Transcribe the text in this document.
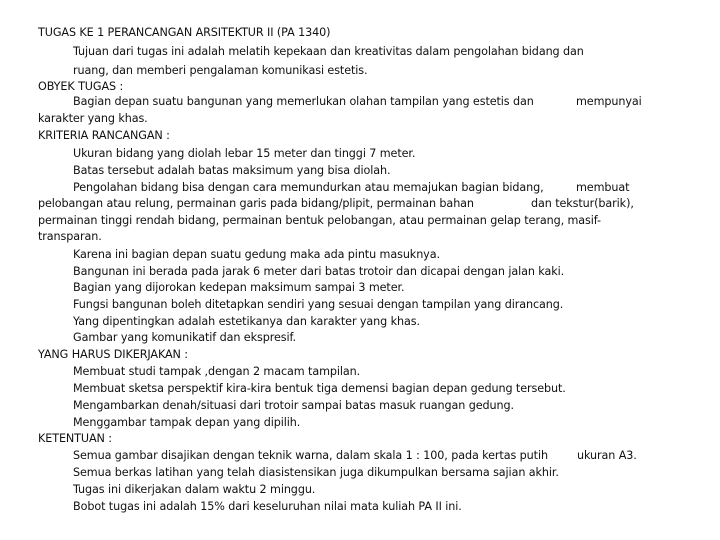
TUGAS KE 1 PERANCANGAN ARSITEKTUR II (PA 1340)
Tujuan dari tugas ini adalah melatih kepekaan dan kreativitas dalam pengolahan bidang dan
ruang, dan memberi pengalaman komunikasi estetis.
OBYEK TUGAS :
Bagian depan suatu bangunan yang memerlukan olahan tampilan yang estetis dan	mempunyai
karakter yang khas.
KRITERIA RANCANGAN :
Ukuran bidang yang diolah lebar 15 meter dan tinggi 7 meter.
Batas tersebut adalah batas maksimum yang bisa diolah.
Pengolahan bidang bisa dengan cara memundurkan atau memajukan bagian bidang,	membuat
pelobangan atau relung, permainan garis pada bidang/plipit, permainan bahan	dan tekstur(barik),
permainan tinggi rendah bidang, permainan bentuk pelobangan, atau permainan gelap terang, masif-
transparan.
Karena ini bagian depan suatu gedung maka ada pintu masuknya.
Bangunan ini berada pada jarak 6 meter dari batas trotoir dan dicapai dengan jalan kaki.
Bagian yang dijorokan kedepan maksimum sampai 3 meter.
Fungsi bangunan boleh ditetapkan sendiri yang sesuai dengan tampilan yang dirancang.
Yang dipentingkan adalah estetikanya dan karakter yang khas.
Gambar yang komunikatif dan ekspresif.
YANG HARUS DIKERJAKAN :
Membuat studi tampak ,dengan 2 macam tampilan.
Membuat sketsa perspektif kira-kira bentuk tiga demensi bagian depan gedung tersebut.
Mengambarkan denah/situasi dari trotoir sampai batas masuk ruangan gedung.
Menggambar tampak depan yang dipilih.
KETENTUAN :
Semua gambar disajikan dengan teknik warna, dalam skala 1 : 100, pada kertas putih	ukuran A3.
Semua berkas latihan yang telah diasistensikan juga dikumpulkan bersama sajian akhir.
Tugas ini dikerjakan dalam waktu 2 minggu.
Bobot tugas ini adalah 15% dari keseluruhan nilai mata kuliah PA II ini.
